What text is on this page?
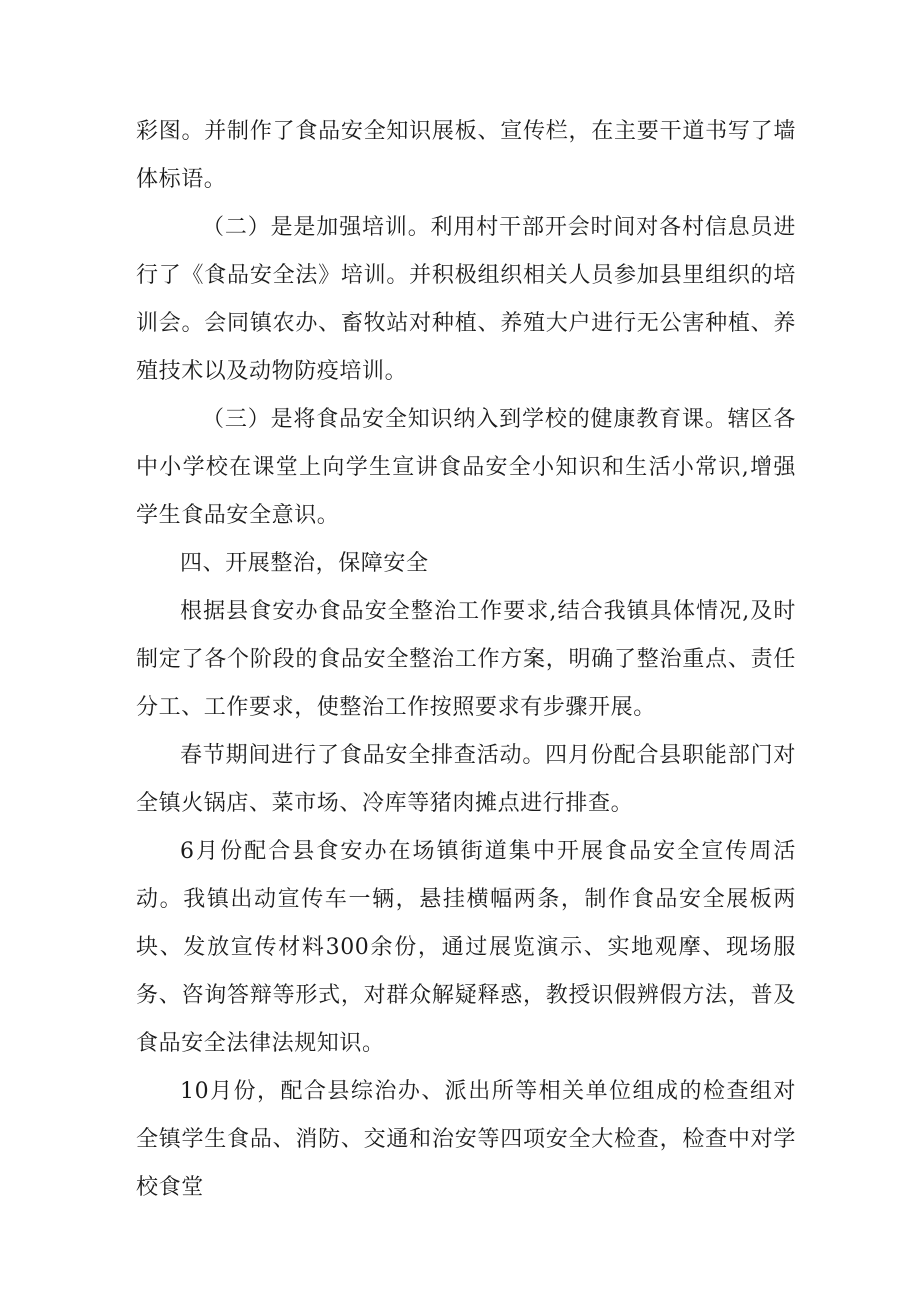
彩图。并制作了食品安全知识展板、宣传栏，在主要干道书写了墙体标语。

（二）是是加强培训。利用村干部开会时间对各村信息员进行了《食品安全法》培训。并积极组织相关人员参加县里组织的培训会。会同镇农办、畜牧站对种植、养殖大户进行无公害种植、养殖技术以及动物防疫培训。

（三）是将食品安全知识纳入到学校的健康教育课。辖区各中小学校在课堂上向学生宣讲食品安全小知识和生活小常识,增强学生食品安全意识。

四、开展整治，保障安全

根据县食安办食品安全整治工作要求,结合我镇具体情况,及时制定了各个阶段的食品安全整治工作方案，明确了整治重点、责任分工、工作要求，使整治工作按照要求有步骤开展。

春节期间进行了食品安全排查活动。四月份配合县职能部门对全镇火锅店、菜市场、冷库等猪肉摊点进行排查。

6月份配合县食安办在场镇街道集中开展食品安全宣传周活动。我镇出动宣传车一辆，悬挂横幅两条，制作食品安全展板两块、发放宣传材料300余份，通过展览演示、实地观摩、现场服务、咨询答辩等形式，对群众解疑释惑，教授识假辨假方法，普及食品安全法律法规知识。

10月份，配合县综治办、派出所等相关单位组成的检查组对全镇学生食品、消防、交通和治安等四项安全大检查，检查中对学校食堂
